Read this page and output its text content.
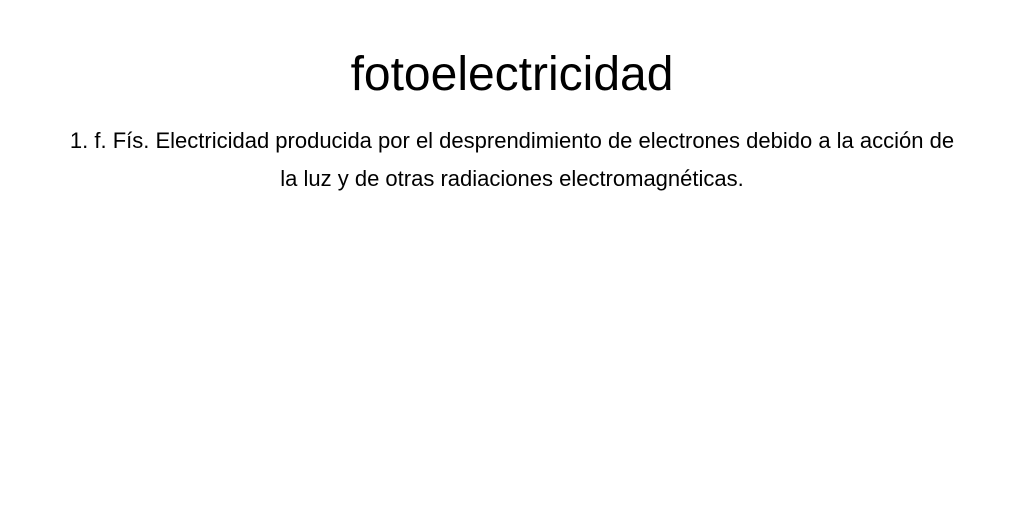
fotoelectricidad

1. f. Fís. Electricidad producida por el desprendimiento de electrones debido a la acción de la luz y de otras radiaciones electromagnéticas.
